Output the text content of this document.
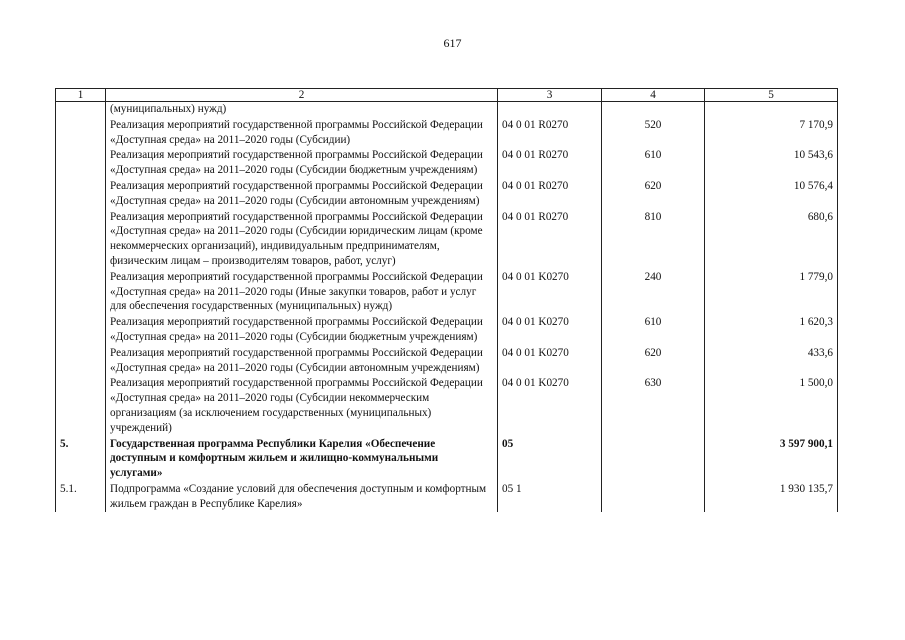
617
1	2	3	4	5
	(муниципальных) нужд)			
	Реализация мероприятий государственной программы Российской Федерации «Доступная среда» на 2011–2020 годы (Субсидии)	04 0 01 R0270	520	7 170,9
	Реализация мероприятий государственной программы Российской Федерации «Доступная среда» на 2011–2020 годы (Субсидии бюджетным учреждениям)	04 0 01 R0270	610	10 543,6
	Реализация мероприятий государственной программы Российской Федерации «Доступная среда» на 2011–2020 годы (Субсидии автономным учреждениям)	04 0 01 R0270	620	10 576,4
	Реализация мероприятий государственной программы Российской Федерации «Доступная среда» на 2011–2020 годы (Субсидии юридическим лицам (кроме некоммерческих организаций), индивидуальным предпринимателям, физическим лицам – производителям товаров, работ, услуг)	04 0 01 R0270	810	680,6
	Реализация мероприятий государственной программы Российской Федерации «Доступная среда» на 2011–2020 годы (Иные закупки товаров, работ и услуг для обеспечения государственных (муниципальных) нужд)	04 0 01 K0270	240	1 779,0
	Реализация мероприятий государственной программы Российской Федерации «Доступная среда» на 2011–2020 годы (Субсидии бюджетным учреждениям)	04 0 01 K0270	610	1 620,3
	Реализация мероприятий государственной программы Российской Федерации «Доступная среда» на 2011–2020 годы (Субсидии автономным учреждениям)	04 0 01 K0270	620	433,6
	Реализация мероприятий государственной программы Российской Федерации «Доступная среда» на 2011–2020 годы (Субсидии некоммерческим организациям (за исключением государственных (муниципальных) учреждений)	04 0 01 K0270	630	1 500,0
5.	Государственная программа Республики Карелия «Обеспечение доступным и комфортным жильем и жилищно-коммунальными услугами»	05		3 597 900,1
5.1.	Подпрограмма «Создание условий для обеспечения доступным и комфортным жильем граждан в Республике Карелия»	05 1		1 930 135,7
